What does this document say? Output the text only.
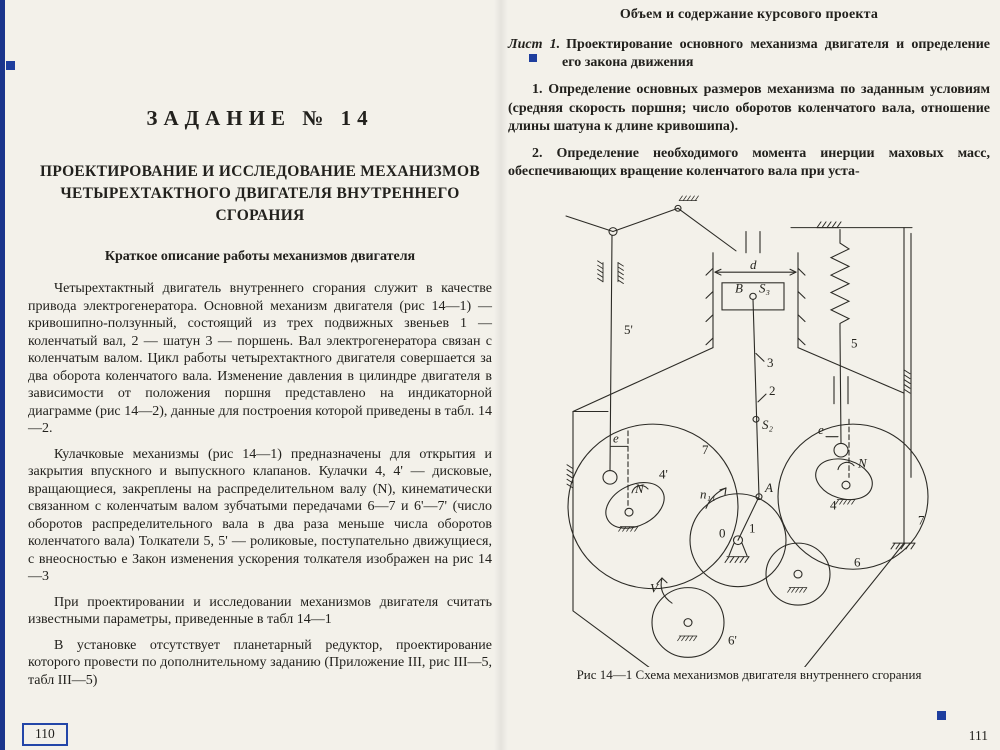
ЗАДАНИЕ № 14
ПРОЕКТИРОВАНИЕ И ИССЛЕДОВАНИЕ МЕХАНИЗМОВ ЧЕТЫРЕХТАКТНОГО ДВИГАТЕЛЯ ВНУТРЕННЕГО СГОРАНИЯ
Краткое описание работы механизмов двигателя

Четырехтактный двигатель внутреннего сгорания служит в качестве привода электрогенератора. Основной механизм двигателя (рис 14—1) — кривошипно-ползунный, состоящий из трех подвижных звеньев 1 — коленчатый вал, 2 — шатун 3 — поршень. Вал электрогенератора связан с коленчатым валом. Цикл работы четырехтактного двигателя совершается за два оборота коленчатого вала. Изменение давления в цилиндре двигателя в зависимости от положения поршня представлено на индикаторной диаграмме (рис 14—2), данные для построения которой приведены в табл. 14—2.

Кулачковые механизмы (рис 14—1) предназначены для открытия и закрытия впускного и выпускного клапанов. Кулачки 4, 4' — дисковые, вращающиеся, закреплены на распределительном валу (N), кинематически связанном с коленчатым валом зубчатыми передачами 6—7 и 6'—7' (число оборотов распределительного вала в два раза меньше числа оборотов коленчатого вала) Толкатели 5, 5' — роликовые, поступательно движущиеся, с внеосностью e Закон изменения ускорения толкателя изображен на рис 14—3

При проектировании и исследовании механизмов двигателя считать известными параметры, приведенные в табл 14—1

В установке отсутствует планетарный редуктор, проектирование которого провести по дополнительному заданию (Приложение III, рис III—5, табл III—5)

110
Объем и содержание курсового проекта

Лист 1. Проектирование основного механизма двигателя и определение его закона движения

1. Определение основных размеров механизма по заданным условиям (средняя скорость поршня; число оборотов коленчатого вала, отношение длины шатуна к длине кривошипа).

2. Определение необходимого момента инерции маховых масс, обеспечивающих вращение коленчатого вала при уста-

d
B S₃
3
2
S₂
5'
e
7
4'
N	n₁₁	A
0 1
5
e
7
4
N
6'
6
V
Рис 14—1 Схема механизмов двигателя внутреннего сгорания
111
